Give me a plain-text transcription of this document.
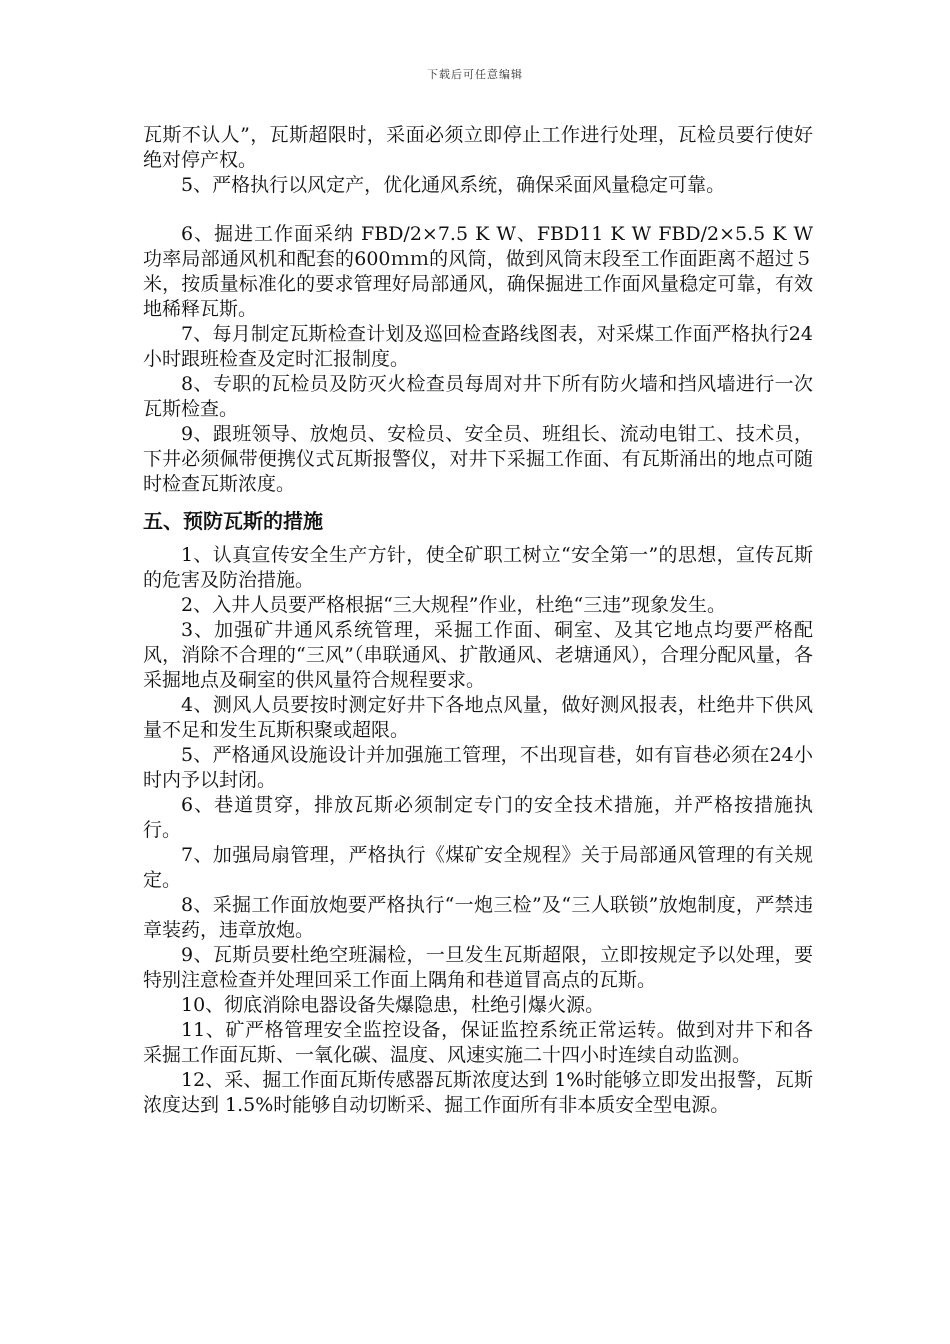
下载后可任意编辑

瓦斯不认人”，瓦斯超限时，采面必须立即停止工作进行处理，瓦检员要行使好绝对停产权。

5、严格执行以风定产，优化通风系统，确保采面风量稳定可靠。

6、掘进工作面采纳 FBD/2×7.5 K W、FBD11 K W FBD/2×5.5 K W功率局部通风机和配套的600ｍｍ的风筒，做到风筒末段至工作面距离不超过５米，按质量标准化的要求管理好局部通风，确保掘进工作面风量稳定可靠，有效地稀释瓦斯。

7、每月制定瓦斯检查计划及巡回检查路线图表，对采煤工作面严格执行24小时跟班检查及定时汇报制度。

8、专职的瓦检员及防灭火检查员每周对井下所有防火墙和挡风墙进行一次瓦斯检查。

9、跟班领导、放炮员、安检员、安全员、班组长、流动电钳工、技术员，下井必须佩带便携仪式瓦斯报警仪，对井下采掘工作面、有瓦斯涌出的地点可随时检查瓦斯浓度。

五、预防瓦斯的措施

1、认真宣传安全生产方针，使全矿职工树立“安全第一”的思想，宣传瓦斯的危害及防治措施。

2、入井人员要严格根据“三大规程”作业，杜绝“三违”现象发生。

3、加强矿井通风系统管理，采掘工作面、硐室、及其它地点均要严格配风，消除不合理的“三风”（串联通风、扩散通风、老塘通风），合理分配风量，各采掘地点及硐室的供风量符合规程要求。

4、测风人员要按时测定好井下各地点风量，做好测风报表，杜绝井下供风量不足和发生瓦斯积聚或超限。

5、严格通风设施设计并加强施工管理，不出现盲巷，如有盲巷必须在24小时内予以封闭。

6、巷道贯穿，排放瓦斯必须制定专门的安全技术措施，并严格按措施执行。

7、加强局扇管理，严格执行《煤矿安全规程》关于局部通风管理的有关规定。

8、采掘工作面放炮要严格执行“一炮三检”及“三人联锁”放炮制度，严禁违章装药，违章放炮。

9、瓦斯员要杜绝空班漏检，一旦发生瓦斯超限，立即按规定予以处理，要特别注意检查并处理回采工作面上隅角和巷道冒高点的瓦斯。

10、彻底消除电器设备失爆隐患，杜绝引爆火源。

11、矿严格管理安全监控设备，保证监控系统正常运转。做到对井下和各采掘工作面瓦斯、一氧化碳、温度、风速实施二十四小时连续自动监测。

12、采、掘工作面瓦斯传感器瓦斯浓度达到 1%时能够立即发出报警，瓦斯浓度达到 1.5%时能够自动切断采、掘工作面所有非本质安全型电源。
